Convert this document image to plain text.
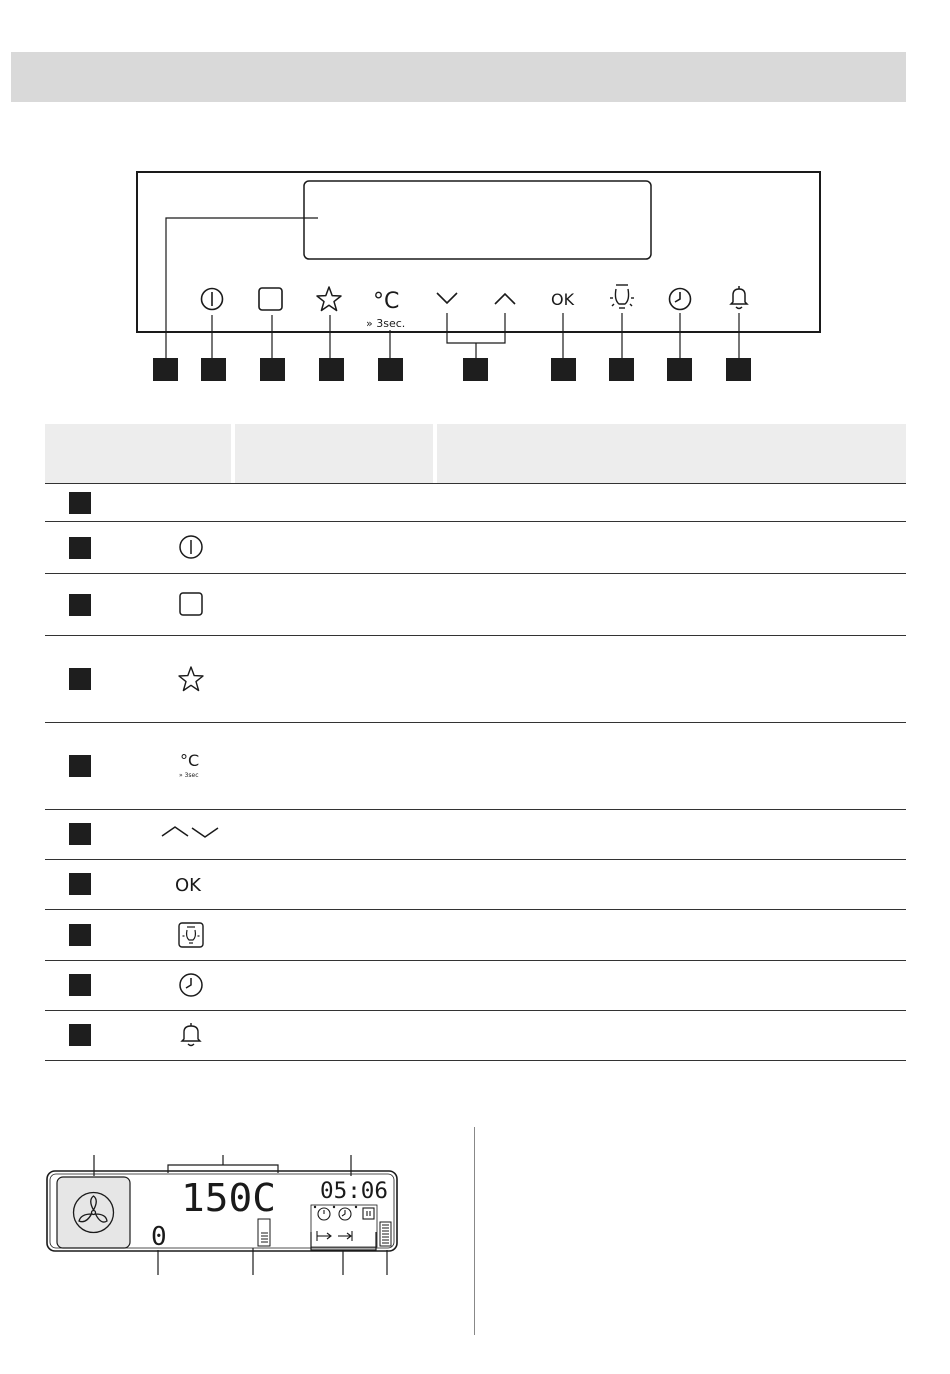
°C
» 3sec.
OK
°C
» 3sec
OK
150C 05:06
0
